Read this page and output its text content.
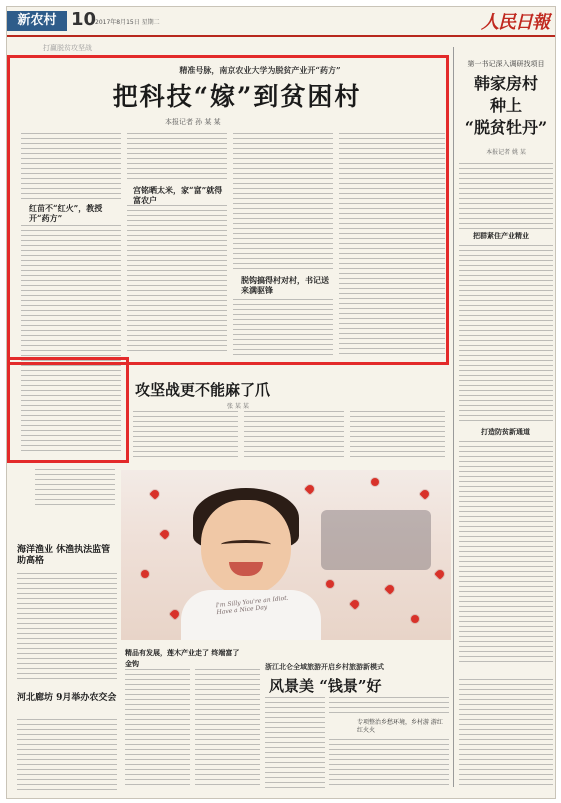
新农村 10
2017年8月15日 星期二	人民日報
打赢脱贫攻坚战
精准号脉，南京农业大学为脱贫产业开“药方”
把科技“嫁”到贫困村
本报记者 孙 某 某
红苗不“红火”，教授开“药方”
宫铭晒太米，家“富”就得富农户
脱钩搞得村对村，书记送来满驱锋
攻坚战更不能麻了爪
张 某 某
第一书记深入调研找项目
韩家房村
种上
“脱贫牡丹”
本报记者 姚 某
把群紧住产业精业
打造防贫新通道
海洋渔业 休渔执法监管助高格
河北廊坊 9月举办农交会
I'm Silly You're an Idiot. Have a Nice Day
精品有发展，莲木产业走了 终端富了金钩	浙江北仑全域旅游开启乡村旅游新模式
风景美 “钱景”好
专项整治乡愁环境，乡村游 游红红火火
